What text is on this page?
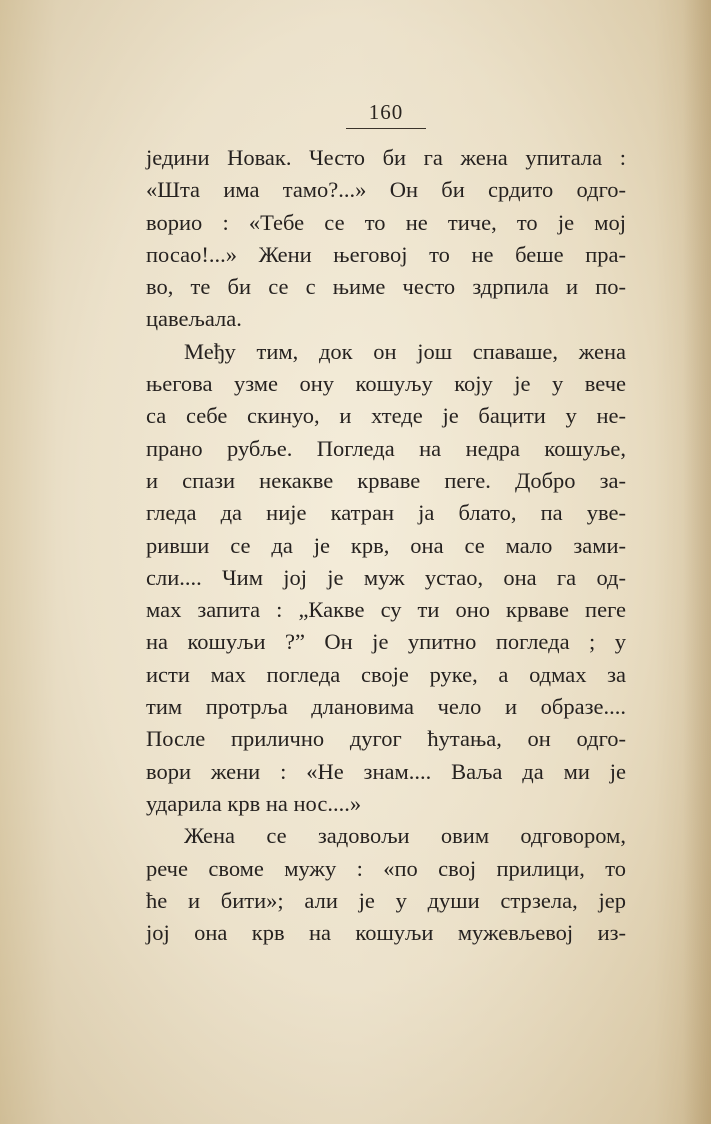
160
једини Новак. Често би га жена упитала :
«Шта има тамо?...» Он би срдито одго-
ворио : «Тебе се то не тиче, то је мој
посао!...» Жени његовој то не беше пра-
во, те би се с њиме често здрпила и по-
цавељала.
Међу тим, док он још спаваше, жена
његова узме ону кошуљу коју је у вече
са себе скинуо, и хтеде је бацити у не-
прано рубље. Погледа на недра кошуље,
и спази некакве крваве пеге. Добро за-
гледа да није катран ја блато, па уве-
ривши се да је крв, она се мало зами-
сли.... Чим јој је муж устао, она га од-
мах запита : „Какве су ти оно крваве пеге
на кошуљи ?” Он је упитно погледа ; у
исти мах погледа своје руке, а одмах за
тим протрља дланoвима чело и образе....
После прилично дугог ћутања, он одго-
вори жени : «Не знам.... Ваља да ми је
ударила крв на нос....»
Жена се задовољи овим одговором,
рече своме мужу : «по свој прилици, то
ће и бити»; али је у души стрзела, јер
јој она крв на кошуљи мужевљевој из-
